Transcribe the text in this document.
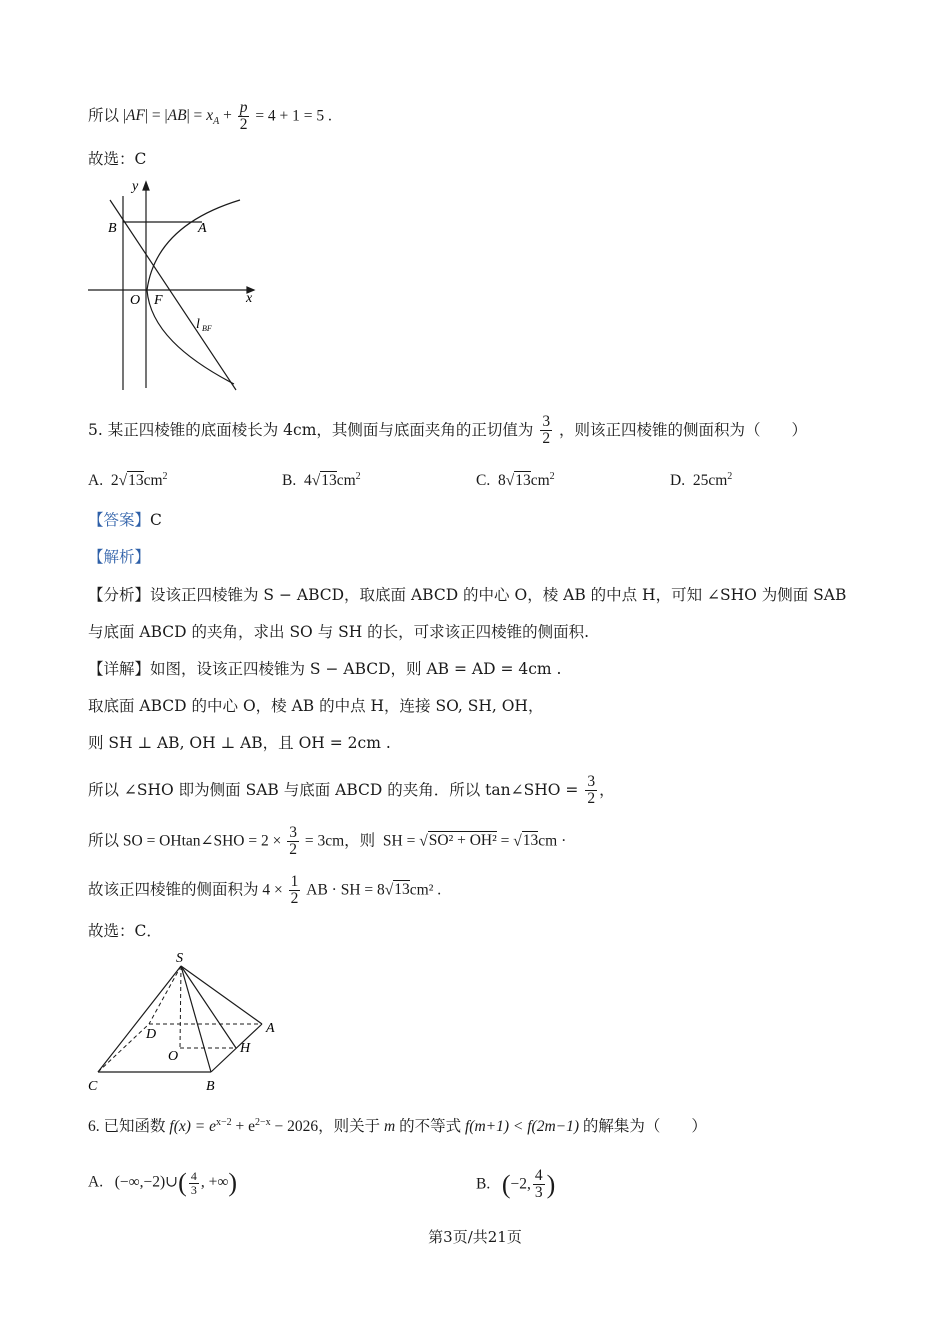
所以 $|AF| = |AB| = x_A + \frac{p}{2} = 4 + 1 = 5$ .
故选：C
y
x
B	A
O F
l BF
5. 某正四棱锥的底面棱长为 4cm，其侧面与底面夹角的正切值为 $\frac{3}{2}$ ，则该正四棱锥的侧面积为（　　）
A. $2√13cm^2$	B. $4√13cm^2$	C. $8√13cm^2$	D. $25cm^2$
【答案】C
【解析】
【分析】设该正四棱锥为 S − ABCD，取底面 ABCD 的中心 O，棱 AB 的中点 H，可知 ∠SHO 为侧面 SAB
与底面 ABCD 的夹角，求出 SO 与 SH 的长，可求该正四棱锥的侧面积.
【详解】如图，设该正四棱锥为 S − ABCD，则 AB = AD = 4cm .
取底面 ABCD 的中心 O，棱 AB 的中点 H，连接 SO, SH, OH，
则 SH ⊥ AB, OH ⊥ AB，且 OH = 2cm .
所以 ∠SHO 即为侧面 SAB 与底面 ABCD 的夹角．所以 tan∠SHO = $\frac{3}{2}$ ，
所以 SO = OHtan∠SHO = $2 \times \frac{3}{2} = 3cm$，则 SH = √SO² + OH² = √13cm ·
故该正四棱锥的侧面积为 $4 \times \frac{1}{2}$ AB · SH = 8√13cm² .
故选：C．
S
A
D
O
H
C	B
6. 已知函数 $f(x) = e^{x-2} + e^{2-x} - 2026$，则关于 m 的不等式 f(m+1) < f(2m−1) 的解集为（　　）
A. (−∞,−2)∪( $\frac{4}{3}$ , +∞)	B. (−2, $\frac{4}{3}$ )
第3页/共21页
